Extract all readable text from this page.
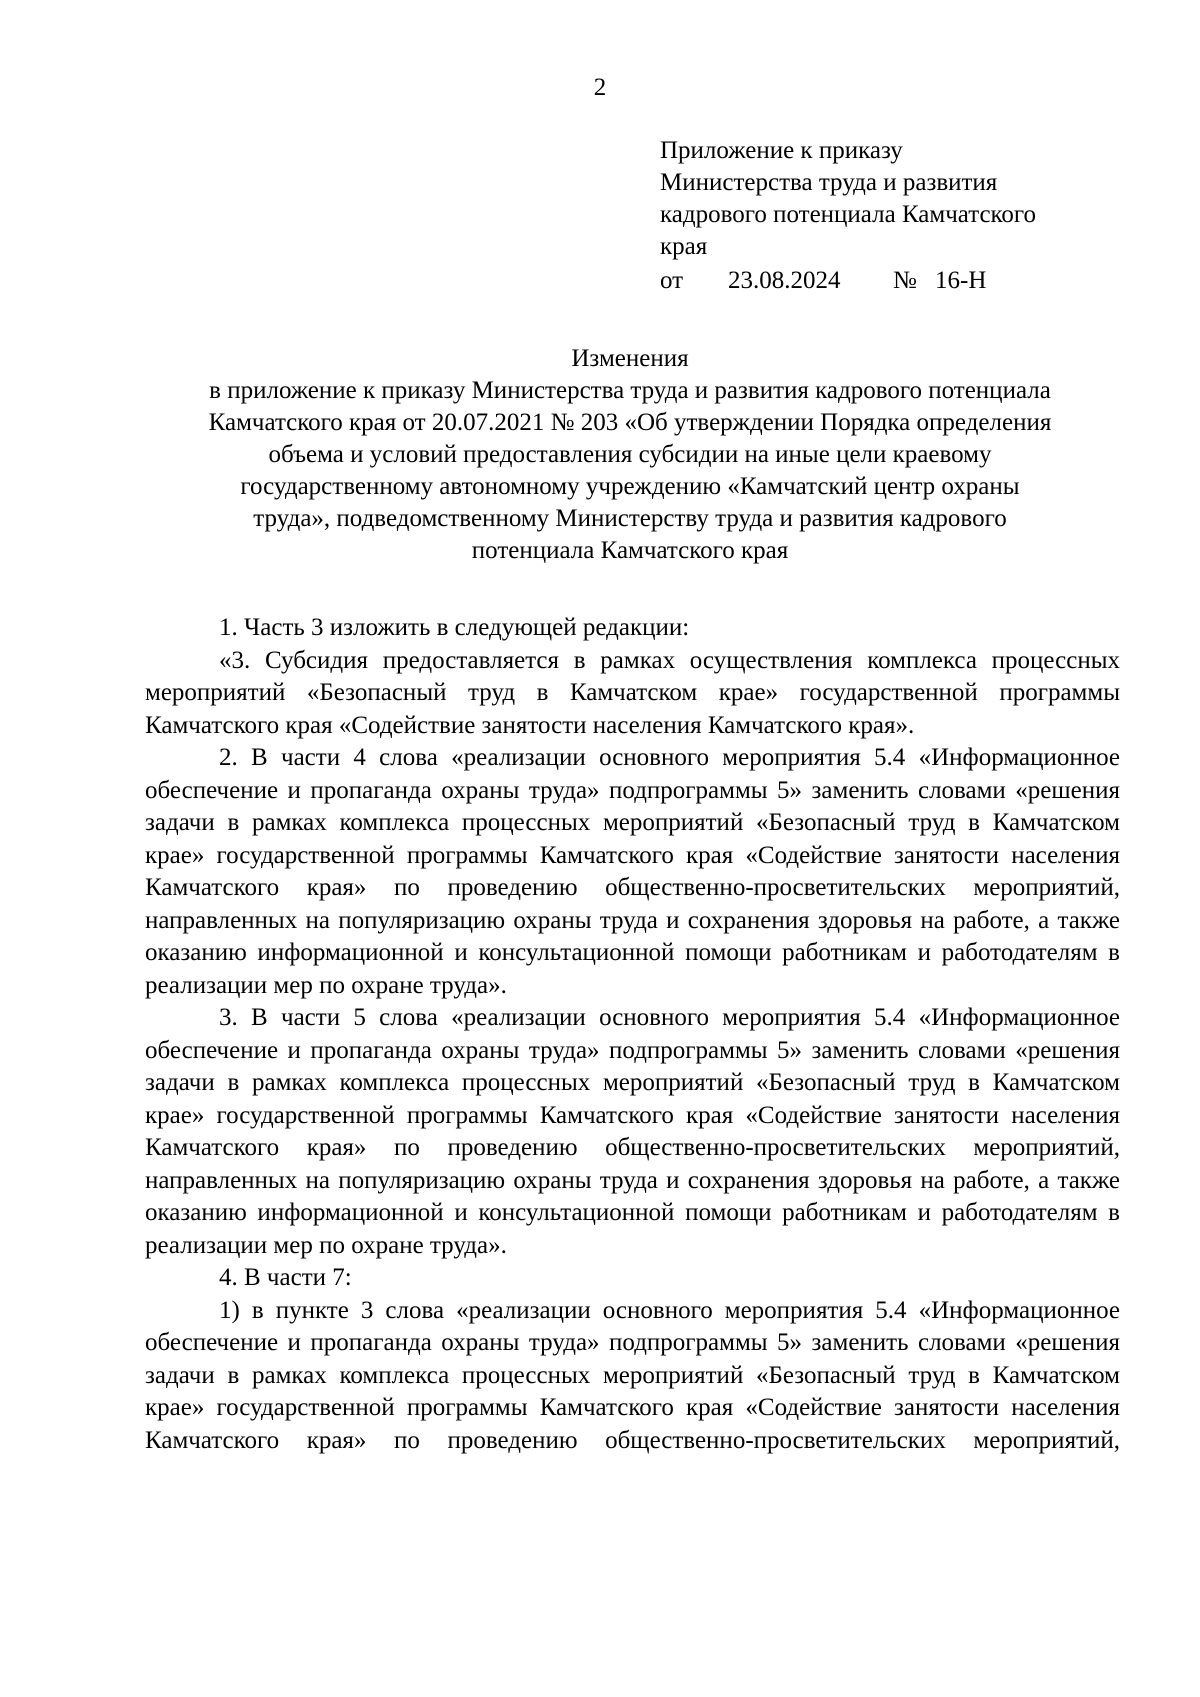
2
Приложение к приказу
Министерства труда и развития
кадрового потенциала Камчатского
края
от 23.08.2024 № 16-Н
Изменения
в приложение к приказу Министерства труда и развития кадрового потенциала
Камчатского края от 20.07.2021 № 203 «Об утверждении Порядка определения
объема и условий предоставления субсидии на иные цели краевому
государственному автономному учреждению «Камчатский центр охраны
труда», подведомственному Министерству труда и развития кадрового
потенциала Камчатского края

1. Часть 3 изложить в следующей редакции:

«3. Субсидия предоставляется в рамках осуществления комплекса процессных мероприятий «Безопасный труд в Камчатском крае» государственной программы Камчатского края «Содействие занятости населения Камчатского края».

2. В части 4 слова «реализации основного мероприятия 5.4 «Информационное обеспечение и пропаганда охраны труда» подпрограммы 5» заменить словами «решения задачи в рамках комплекса процессных мероприятий «Безопасный труд в Камчатском крае» государственной программы Камчатского края «Содействие занятости населения Камчатского края» по проведению общественно-просветительских мероприятий, направленных на популяризацию охраны труда и сохранения здоровья на работе, а также оказанию информационной и консультационной помощи работникам и работодателям в реализации мер по охране труда».

3. В части 5 слова «реализации основного мероприятия 5.4 «Информационное обеспечение и пропаганда охраны труда» подпрограммы 5» заменить словами «решения задачи в рамках комплекса процессных мероприятий «Безопасный труд в Камчатском крае» государственной программы Камчатского края «Содействие занятости населения Камчатского края» по проведению общественно-просветительских мероприятий, направленных на популяризацию охраны труда и сохранения здоровья на работе, а также оказанию информационной и консультационной помощи работникам и работодателям в реализации мер по охране труда».

4. В части 7:

1) в пункте 3 слова «реализации основного мероприятия 5.4 «Информационное обеспечение и пропаганда охраны труда» подпрограммы 5» заменить словами «решения задачи в рамках комплекса процессных мероприятий «Безопасный труд в Камчатском крае» государственной программы Камчатского края «Содействие занятости населения Камчатского края» по проведению общественно-просветительских мероприятий,
